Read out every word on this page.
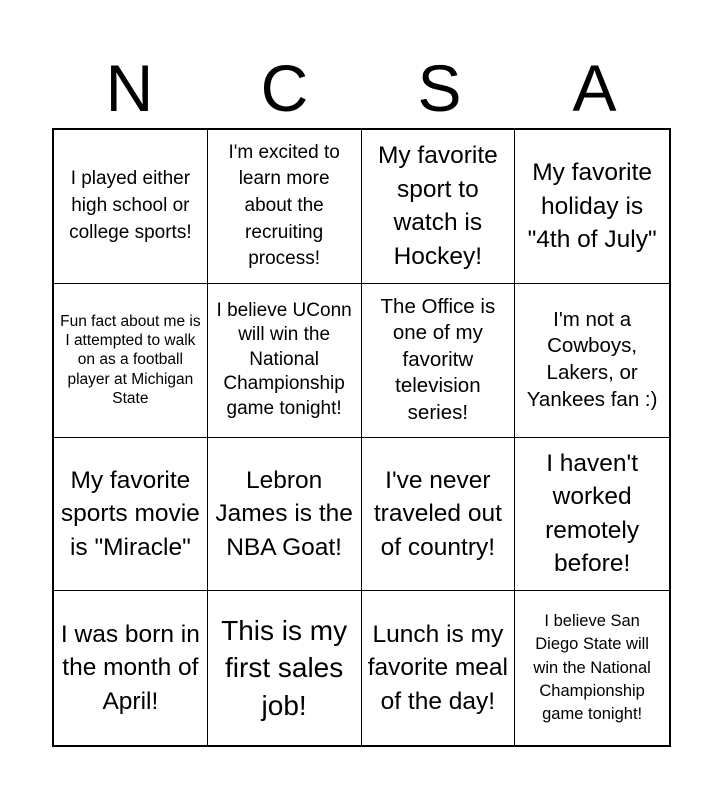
N	C	S	A
I played either high school or college sports!
I'm excited to learn more about the recruiting process!
My favorite sport to watch is Hockey!
My favorite holiday is "4th of July"
Fun fact about me is I attempted to walk on as a football player at Michigan State
I believe UConn will win the National Championship game tonight!
The Office is one of my favoritw television series!
I'm not a Cowboys, Lakers, or Yankees fan :)
My favorite sports movie is "Miracle"
Lebron James is the NBA Goat!
I've never traveled out of country!
I haven't worked remotely before!
I was born in the month of April!
This is my first sales job!
Lunch is my favorite meal of the day!
I believe San Diego State will win the National Championship game tonight!
